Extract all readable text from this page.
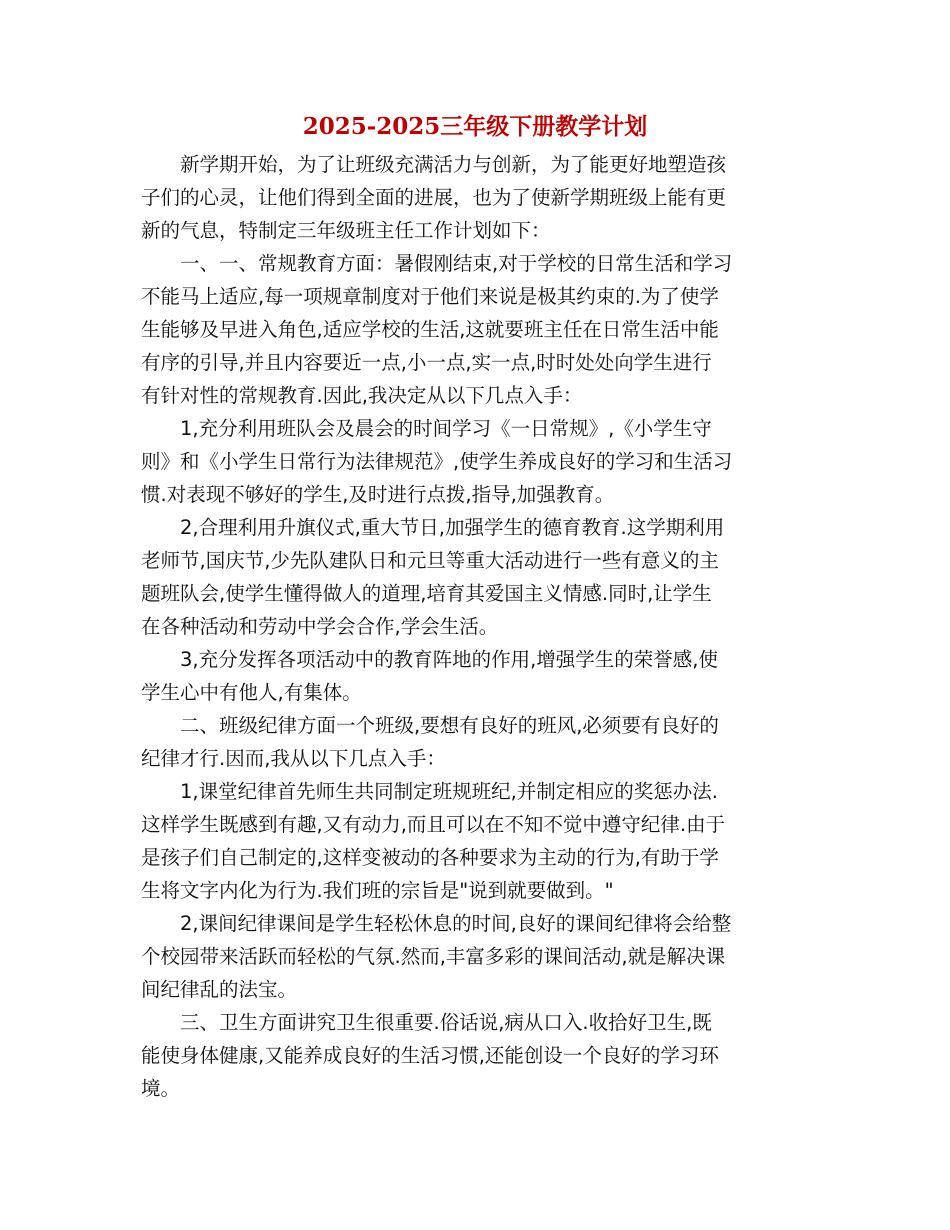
2025-2025三年级下册教学计划
新学期开始，为了让班级充满活力与创新，为了能更好地塑造孩
子们的心灵，让他们得到全面的进展，也为了使新学期班级上能有更
新的气息，特制定三年级班主任工作计划如下：
一、一、常规教育方面：暑假刚结束,对于学校的日常生活和学习
不能马上适应,每一项规章制度对于他们来说是极其约束的.为了使学
生能够及早进入角色,适应学校的生活,这就要班主任在日常生活中能
有序的引导,并且内容要近一点,小一点,实一点,时时处处向学生进行
有针对性的常规教育.因此,我决定从以下几点入手：
1,充分利用班队会及晨会的时间学习《一日常规》,《小学生守
则》和《小学生日常行为法律规范》,使学生养成良好的学习和生活习
惯.对表现不够好的学生,及时进行点拨,指导,加强教育。
2,合理利用升旗仪式,重大节日,加强学生的德育教育.这学期利用
老师节,国庆节,少先队建队日和元旦等重大活动进行一些有意义的主
题班队会,使学生懂得做人的道理,培育其爱国主义情感.同时,让学生
在各种活动和劳动中学会合作,学会生活。
3,充分发挥各项活动中的教育阵地的作用,增强学生的荣誉感,使
学生心中有他人,有集体。
二、班级纪律方面一个班级,要想有良好的班风,必须要有良好的
纪律才行.因而,我从以下几点入手：
1,课堂纪律首先师生共同制定班规班纪,并制定相应的奖惩办法.
这样学生既感到有趣,又有动力,而且可以在不知不觉中遵守纪律.由于
是孩子们自己制定的,这样变被动的各种要求为主动的行为,有助于学
生将文字内化为行为.我们班的宗旨是"说到就要做到。"
2,课间纪律课间是学生轻松休息的时间,良好的课间纪律将会给整
个校园带来活跃而轻松的气氛.然而,丰富多彩的课间活动,就是解决课
间纪律乱的法宝。
三、卫生方面讲究卫生很重要.俗话说,病从口入.收拾好卫生,既
能使身体健康,又能养成良好的生活习惯,还能创设一个良好的学习环
境。
